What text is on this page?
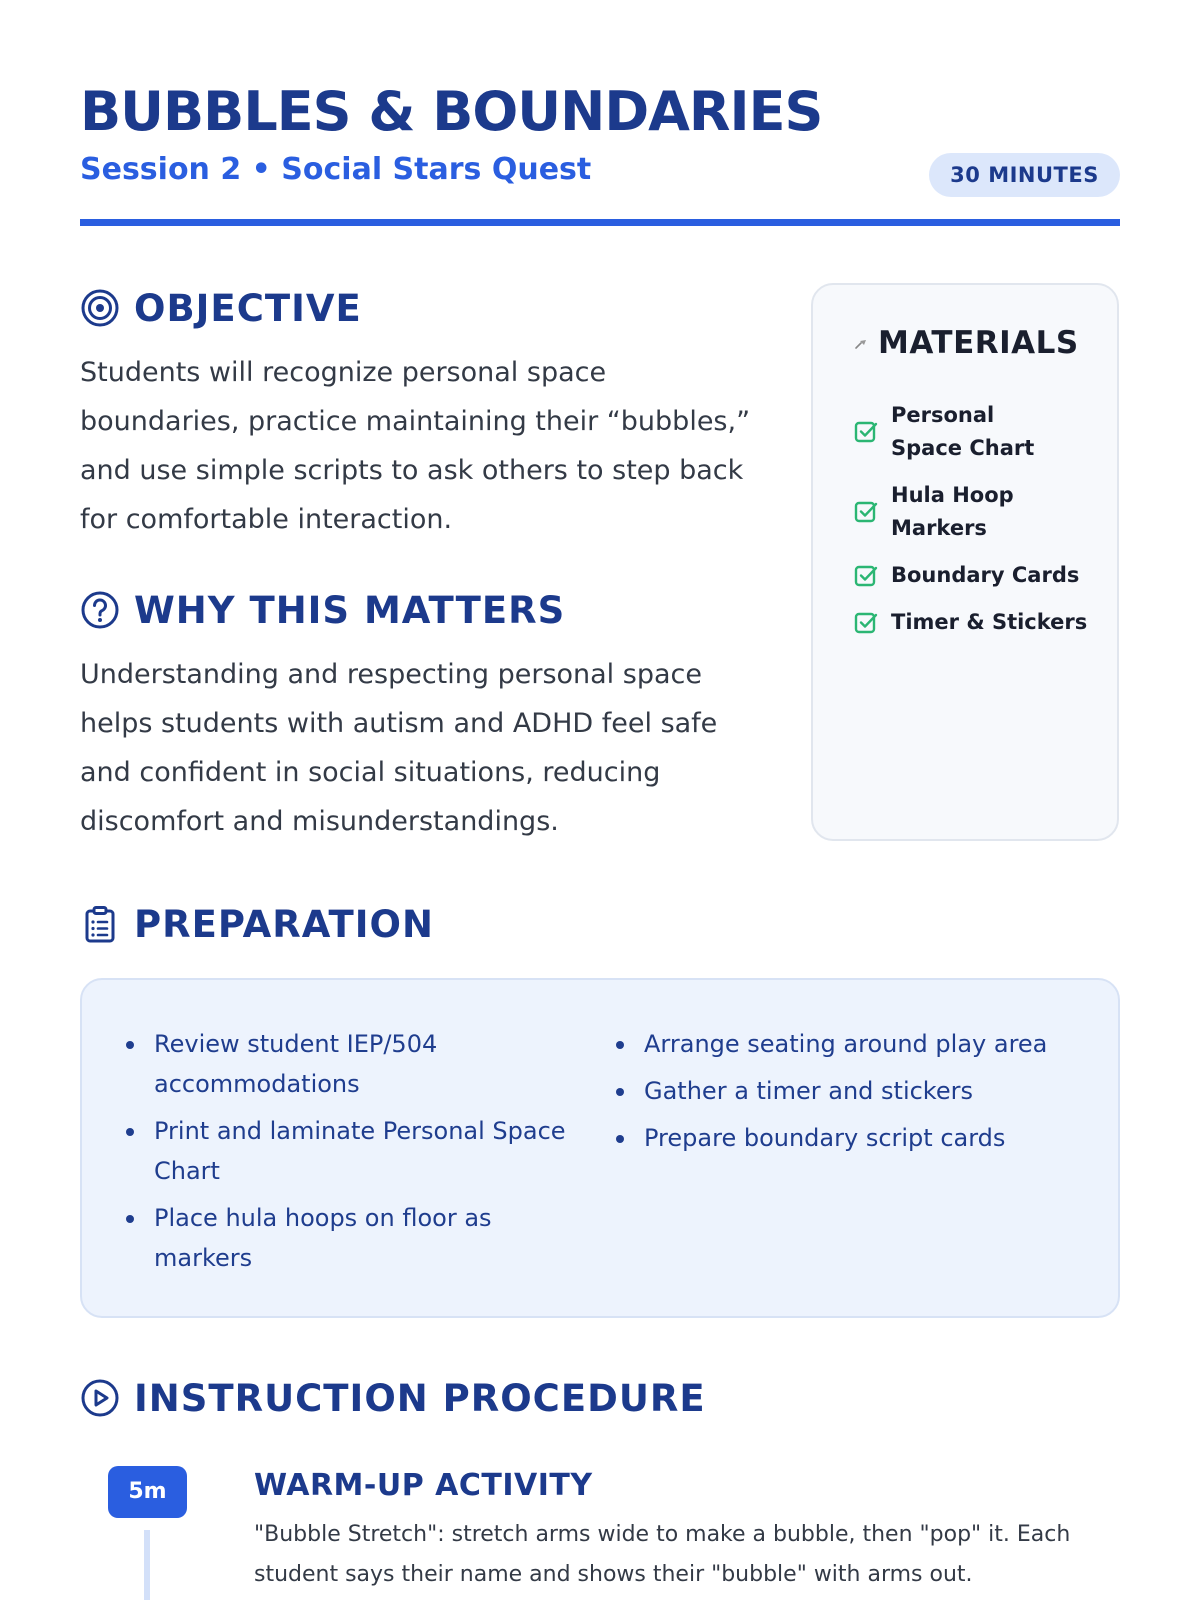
BUBBLES & BOUNDARIES
Session 2 • Social Stars Quest	30 MINUTES
OBJECTIVE

Students will recognize personal space boundaries, practice maintaining their “bubbles,” and use simple scripts to ask others to step back for comfortable interaction.

WHY THIS MATTERS

Understanding and respecting personal space helps students with autism and ADHD feel safe and confident in social situations, reducing discomfort and misunderstandings.

MATERIALS
Personal Space Chart
Hula Hoop Markers
Boundary Cards
Timer & Stickers
PREPARATION
Review student IEP/504 accommodations
Print and laminate Personal Space Chart
Place hula hoops on floor as markers
Arrange seating around play area
Gather a timer and stickers
Prepare boundary script cards
INSTRUCTION PROCEDURE
5m	WARM-UP ACTIVITY

"Bubble Stretch": stretch arms wide to make a bubble, then "pop" it. Each student says their name and shows their "bubble" with arms out.
